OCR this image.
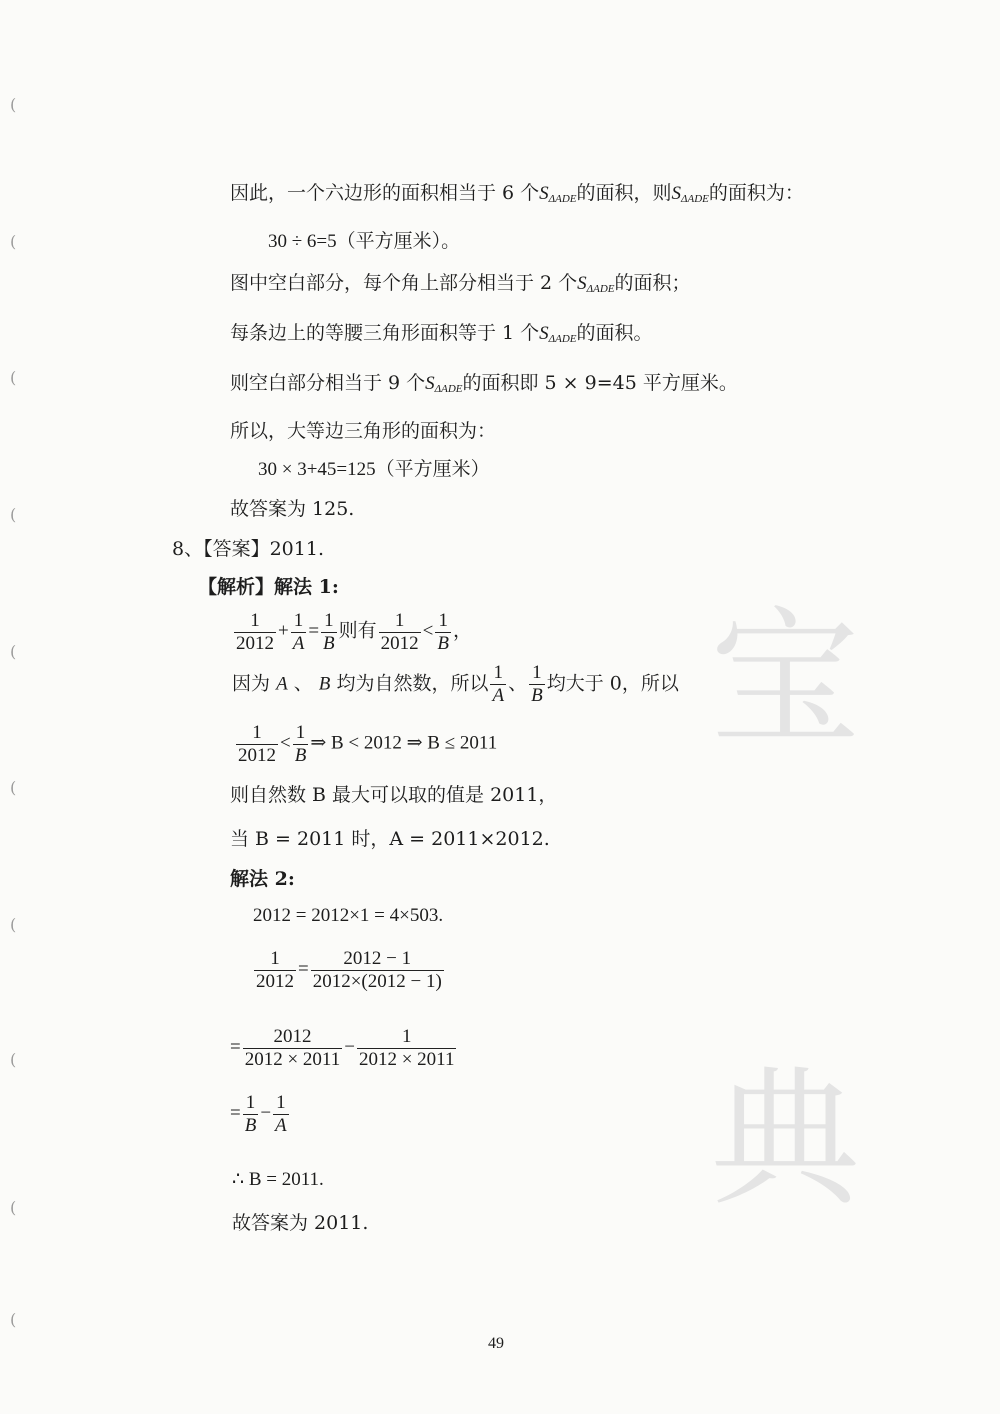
宝
典
(
(
(
(
(
(
(
(
(
(
因此，一个六边形的面积相当于 6 个$S_{\Delta ADE}$的面积，则$S_{\Delta ADE}$的面积为：
30 ÷ 6=5（平方厘米）。
图中空白部分，每个角上部分相当于 2 个$S_{\Delta ADE}$的面积；
每条边上的等腰三角形面积等于 1 个$S_{\Delta ADE}$的面积。
则空白部分相当于 9 个$S_{\Delta ADE}$的面积即 5 × 9=45 平方厘米。
所以，大等边三角形的面积为：
30 × 3+45=125（平方厘米）
故答案为 125.
8、【答案】2011.
【解析】解法 1:
$\frac{1}{2012} + \frac{1}{A} = \frac{1}{B}$ 则有 $\frac{1}{2012} < \frac{1}{B}$ ，
因为 A 、 B 均为自然数，所以 $\frac{1}{A}$ 、 $\frac{1}{B}$ 均大于 0，所以
$\frac{1}{2012} < \frac{1}{B}$ ⇒ B < 2012 ⇒ B ≤ 2011
则自然数 B 最大可以取的值是 2011，
当 B = 2011 时，A = 2011×2012.
解法 2:
2012 = 2012×1 = 4×503.
$\frac{1}{2012} = \frac{2012 - 1}{2012\times(2012 - 1)}$
= $\frac{2012}{2012 \times 2011} - \frac{1}{2012 \times 2011}$
= $\frac{1}{B} - \frac{1}{A}$
∴ B = 2011.
故答案为 2011.
49
